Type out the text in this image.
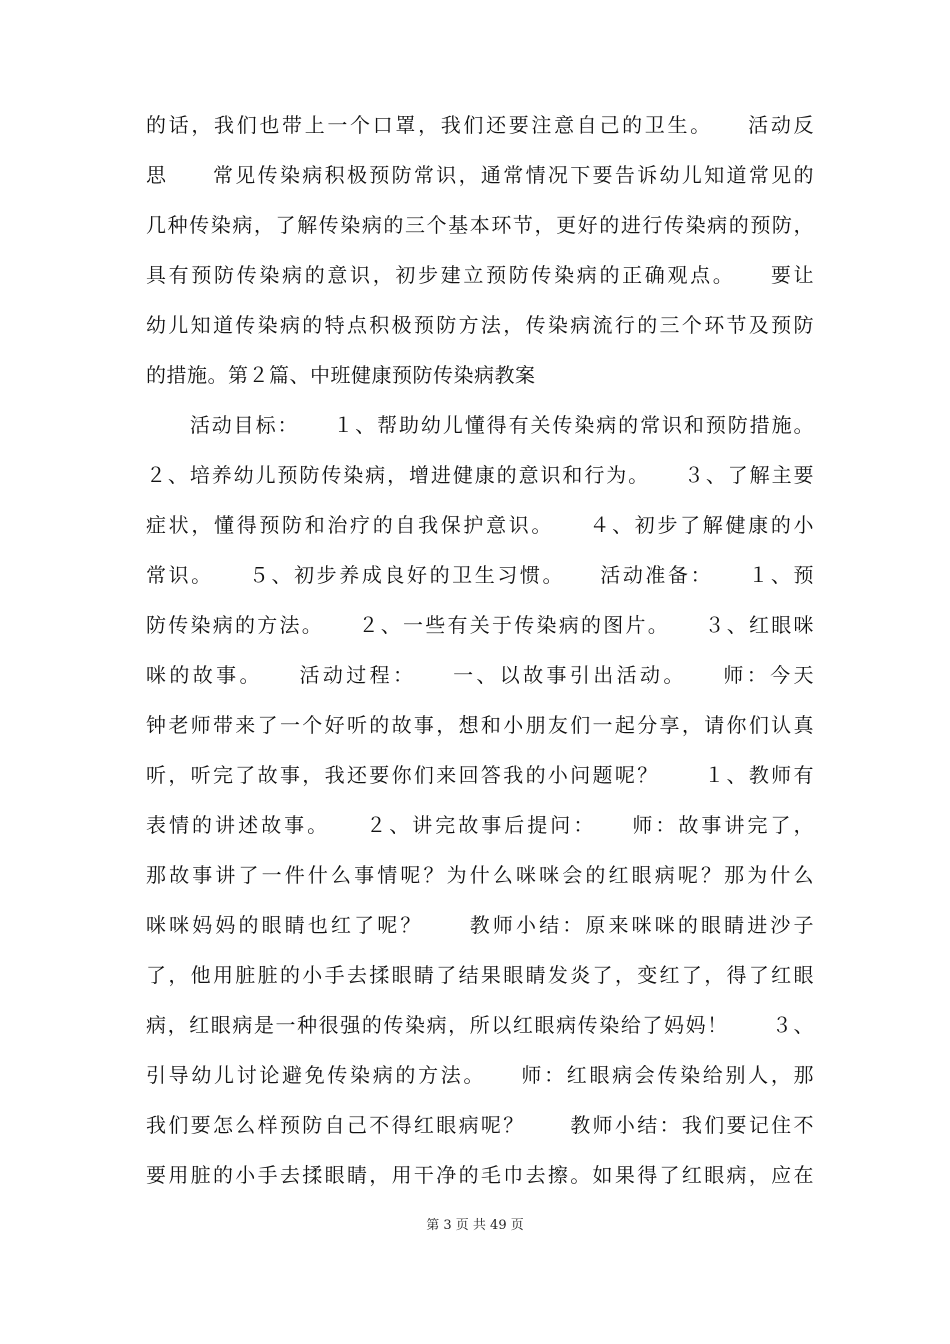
的话，我们也带上一个口罩，我们还要注意自己的卫生。　　活动反
思　　常见传染病积极预防常识，通常情况下要告诉幼儿知道常见的
几种传染病，了解传染病的三个基本环节，更好的进行传染病的预防，
具有预防传染病的意识，初步建立预防传染病的正确观点。　　要让
幼儿知道传染病的特点积极预防方法，传染病流行的三个环节及预防
的措施。第２篇、中班健康预防传染病教案
　　活动目标：　　１、帮助幼儿懂得有关传染病的常识和预防措施。
２、培养幼儿预防传染病，增进健康的意识和行为。　　３、了解主要
症状，懂得预防和治疗的自我保护意识。　　４、初步了解健康的小
常识。　　５、初步养成良好的卫生习惯。　　活动准备：　　１、预
防传染病的方法。　　２、一些有关于传染病的图片。　　３、红眼咪
咪的故事。　　活动过程：　　一、以故事引出活动。　　师：今天
钟老师带来了一个好听的故事，想和小朋友们一起分享，请你们认真
听，听完了故事，我还要你们来回答我的小问题呢？　　１、教师有
表情的讲述故事。　　２、讲完故事后提问：　　师：故事讲完了，
那故事讲了一件什么事情呢？为什么咪咪会的红眼病呢？那为什么
咪咪妈妈的眼睛也红了呢？　　教师小结：原来咪咪的眼睛进沙子
了，他用脏脏的小手去揉眼睛了结果眼睛发炎了，变红了，得了红眼
病，红眼病是一种很强的传染病，所以红眼病传染给了妈妈！　　３、
引导幼儿讨论避免传染病的方法。　　师：红眼病会传染给别人，那
我们要怎么样预防自己不得红眼病呢？　　教师小结：我们要记住不
要用脏的小手去揉眼睛，用干净的毛巾去擦。如果得了红眼病，应在
第 3 页 共 49 页
